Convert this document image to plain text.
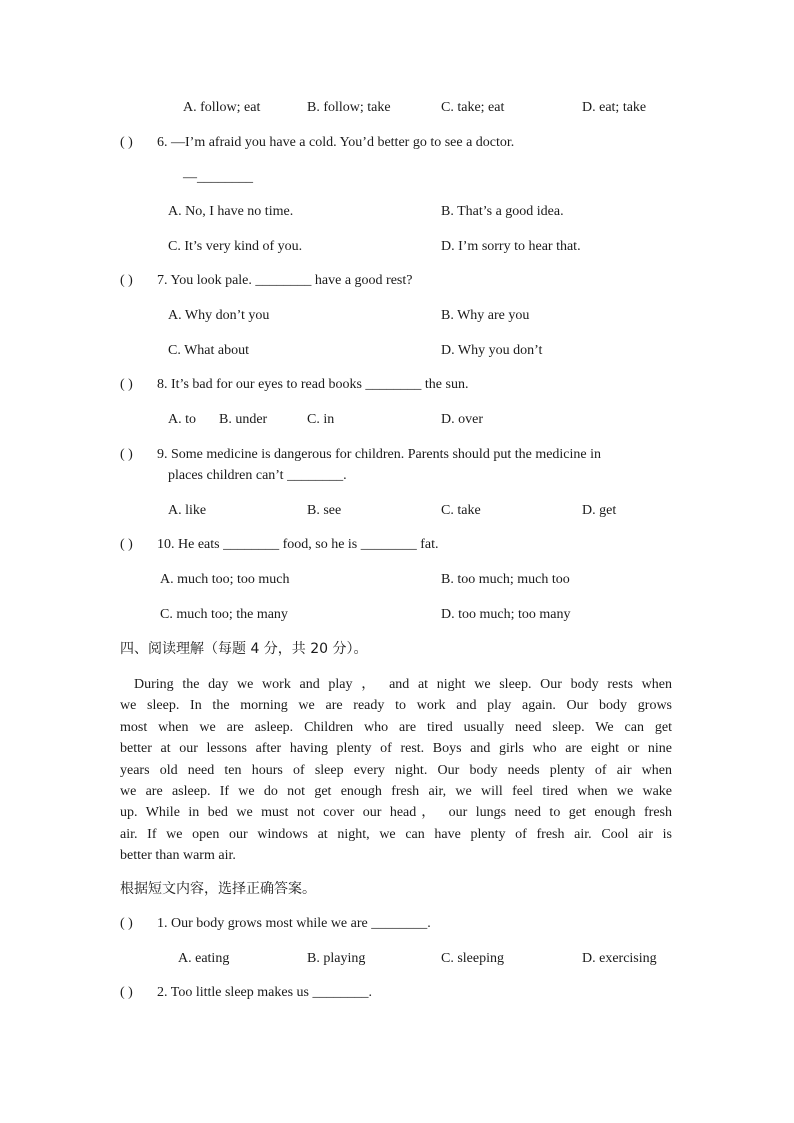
A. follow; eat	B. follow; take	C. take; eat	D. eat; take
( ) 6. —I’m afraid you have a cold. You’d better go to see a doctor.
—________
A. No, I have no time.	B. That’s a good idea.
C. It’s very kind of you.	D. I’m sorry to hear that.
( ) 7. You look pale. ________ have a good rest?
A. Why don’t you	B. Why are you
C. What about	D. Why you don’t
( ) 8. It’s bad for our eyes to read books ________ the sun.
A. to B. under	C. in	D. over
( ) 9. Some medicine is dangerous for children. Parents should put the medicine in
places children can’t ________.
A. like	B. see	C. take	D. get
( ) 10. He eats ________ food, so he is ________ fat.
A. much too; too much	B. too much; much too
C. much too; the many	D. too much; too many
四、阅读理解（每题 4 分，共 20 分）。
During the day we work and play ， and at night we sleep. Our body rests when
we sleep. In the morning we are ready to work and play again. Our body grows
most when we are asleep. Children who are tired usually need sleep. We can get
better at our lessons after having plenty of rest. Boys and girls who are eight or nine
years old need ten hours of sleep every night. Our body needs plenty of air when
we are asleep. If we do not get enough fresh air, we will feel tired when we wake
up. While in bed we must not cover our head， our lungs need to get enough fresh
air. If we open our windows at night, we can have plenty of fresh air. Cool air is
better than warm air.
根据短文内容，选择正确答案。
( ) 1. Our body grows most while we are ________.
A. eating	B. playing	C. sleeping	D. exercising
( ) 2. Too little sleep makes us ________.
